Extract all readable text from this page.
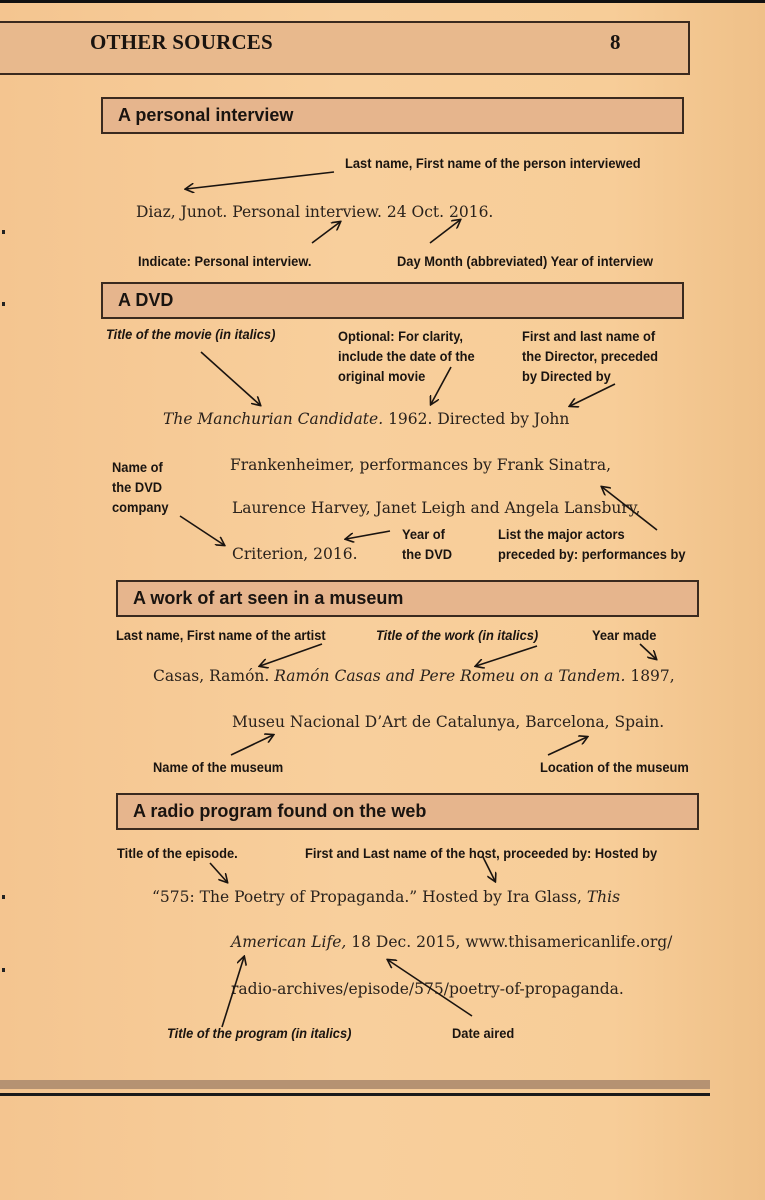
OTHER SOURCES	8
A personal interview
Last name, First name of the person interviewed
Diaz, Junot. Personal interview. 24 Oct. 2016.
Indicate: Personal interview.	Day Month (abbreviated) Year of interview
A DVD
Title of the movie (in italics)	Optional: For clarity,
include the date of the
original movie
First and last name of
the Director, preceded
by Directed by
The Manchurian Candidate. 1962. Directed by John
Name of
the DVD
company
Frankenheimer, performances by Frank Sinatra,
Laurence Harvey, Janet Leigh and Angela Lansbury,
Criterion, 2016.
Year of
the DVD
List the major actors
preceded by: performances by
A work of art seen in a museum
Last name, First name of the artist	Title of the work (in italics)	Year made
Casas, Ramón. Ramón Casas and Pere Romeu on a Tandem. 1897,
Museu Nacional D’Art de Catalunya, Barcelona, Spain.
Name of the museum	Location of the museum
A radio program found on the web
Title of the episode.	First and Last name of the host, proceeded by: Hosted by
“575: The Poetry of Propaganda.” Hosted by Ira Glass, This
American Life, 18 Dec. 2015, www.thisamericanlife.org/
radio-archives/episode/575/poetry-of-propaganda.
Title of the program (in italics)	Date aired
